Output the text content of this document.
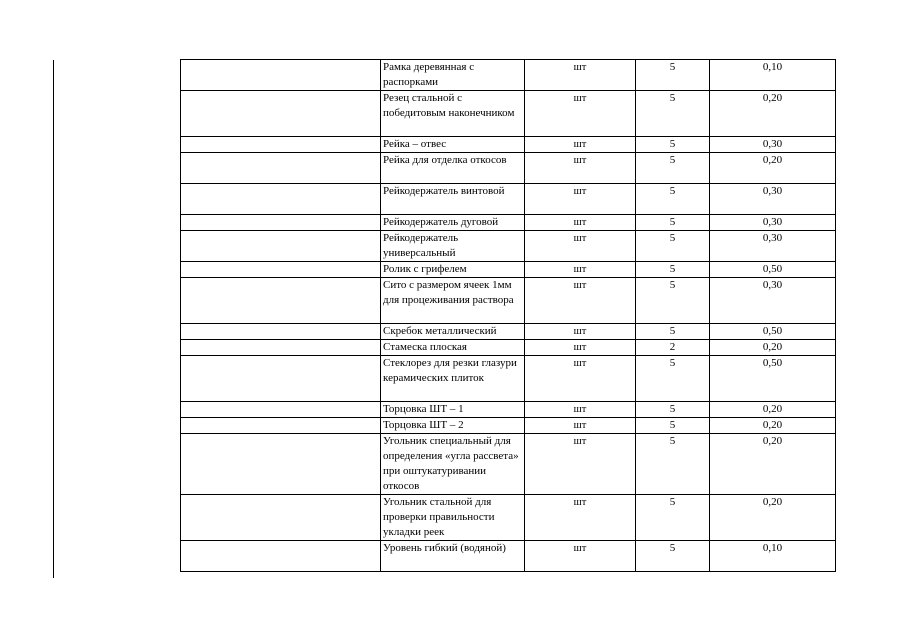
	Рамка деревянная с распорками	шт	5	0,10
	Резец стальной с победитовым наконечником	шт	5	0,20
	Рейка – отвес	шт	5	0,30
	Рейка для отделка откосов	шт	5	0,20
	Рейкодержатель винтовой	шт	5	0,30
	Рейкодержатель дуговой	шт	5	0,30
	Рейкодержатель универсальный	шт	5	0,30
	Ролик с грифелем	шт	5	0,50
	Сито с размером ячеек 1мм для процеживания раствора	шт	5	0,30
	Скребок металлический	шт	5	0,50
	Стамеска плоская	шт	2	0,20
	Стеклорез для резки глазури керамических плиток	шт	5	0,50
	Торцовка ШТ – 1	шт	5	0,20
	Торцовка ШТ – 2	шт	5	0,20
	Угольник специальный для определения «угла рассвета» при оштукатуривании откосов	шт	5	0,20
	Угольник стальной для проверки правильности укладки реек	шт	5	0,20
	Уровень гибкий (водяной)	шт	5	0,10
